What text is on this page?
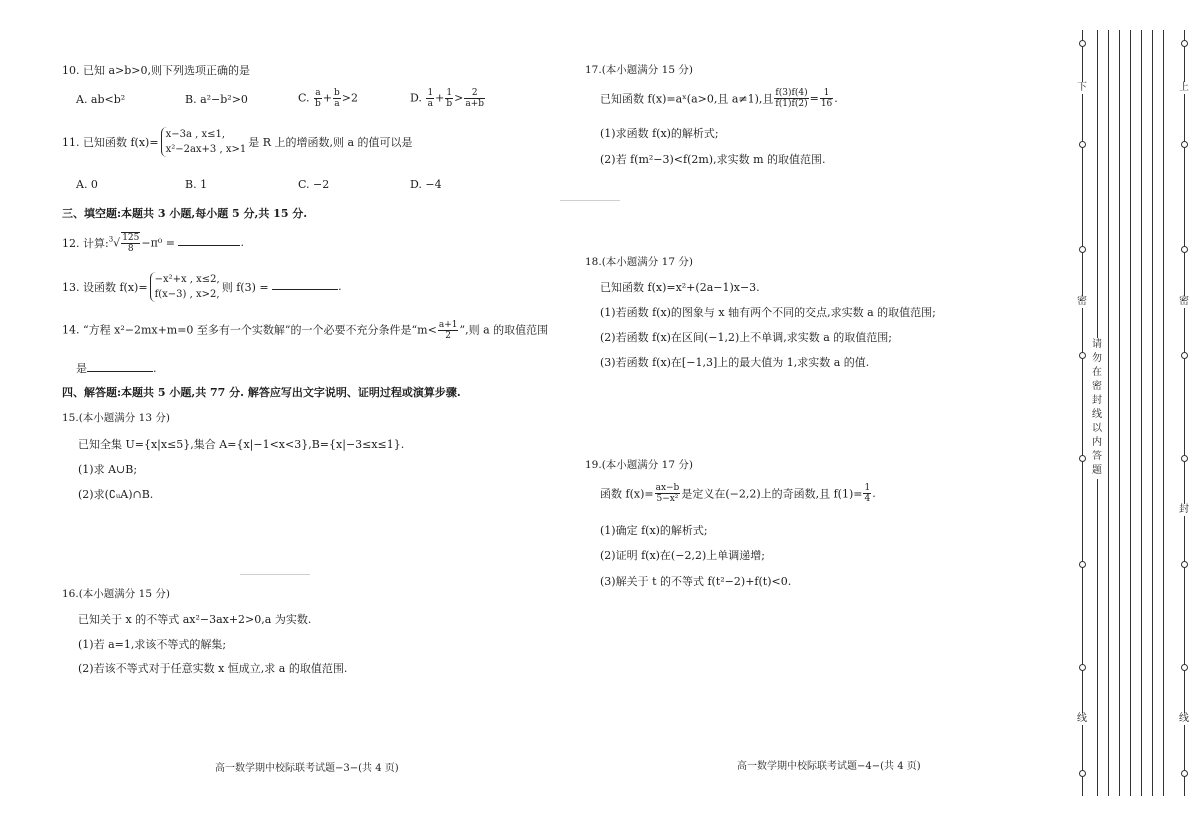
10. 已知 a>b>0,则下列选项正确的是
A. ab<b²	B. a²−b²>0	C. $\frac{a}{b} + \frac{b}{a} >2$	D. $\frac{1}{a} + \frac{1}{b} > \frac{2}{a+b}$
11. 已知函数 f(x)=
x−3a , x≤1,
x²−2ax+3 , x>1
是 R 上的增函数,则 a 的值可以是
A. 0	B. 1	C. −2	D. −4
三、填空题:本题共 3 小题,每小题 5 分,共 15 分.
12. 计算:$^3$√ $\frac{125}{8} -\pi^0$ =	.
13. 设函数 f(x)=
−x²+x , x≤2,
f(x−3) , x>2,
则 f(3) =	.
14. “方程 x²−2mx+m=0 至多有一个实数解”的一个必要不充分条件是“$m< \frac{a+1}{2}$ ”,则 a 的取值范围
是	.
四、解答题:本题共 5 小题,共 77 分. 解答应写出文字说明、证明过程或演算步骤.
15.(本小题满分 13 分)
已知全集 U={x|x≤5},集合 A={x|−1<x<3},B={x|−3≤x≤1}.
(1)求 A∪B;
(2)求(∁ᵤA)∩B.
16.(本小题满分 15 分)
已知关于 x 的不等式 ax²−3ax+2>0,a 为实数.
(1)若 a=1,求该不等式的解集;
(2)若该不等式对于任意实数 x 恒成立,求 a 的取值范围.
高一数学期中校际联考试题−3−(共 4 页)
17.(本小题满分 15 分)
已知函数 f(x)=aˣ(a>0,且 a≠1),且 $\frac{f(3)f(4)}{f(1)f(2)} = \frac{1}{16}$ .
(1)求函数 f(x)的解析式;
(2)若 f(m²−3)<f(2m),求实数 m 的取值范围.
18.(本小题满分 17 分)
已知函数 f(x)=x²+(2a−1)x−3.
(1)若函数 f(x)的图象与 x 轴有两个不同的交点,求实数 a 的取值范围;
(2)若函数 f(x)在区间(−1,2)上不单调,求实数 a 的取值范围;
(3)若函数 f(x)在[−1,3]上的最大值为 1,求实数 a 的值.
19.(本小题满分 17 分)
函数 $f(x)= \frac{ax-b}{\text{5−x²}}$ 是定义在(−2,2)上的奇函数,且 $f(1)= \frac{1}{4}$ .
(1)确定 f(x)的解析式;
(2)证明 f(x)在(−2,2)上单调递增;
(3)解关于 t 的不等式 f(t²−2)+f(t)<0.
高一数学期中校际联考试题−4−(共 4 页)
下
密
线
请
勿
在
密
封
线
以
内
答
题
上
密
封
线
